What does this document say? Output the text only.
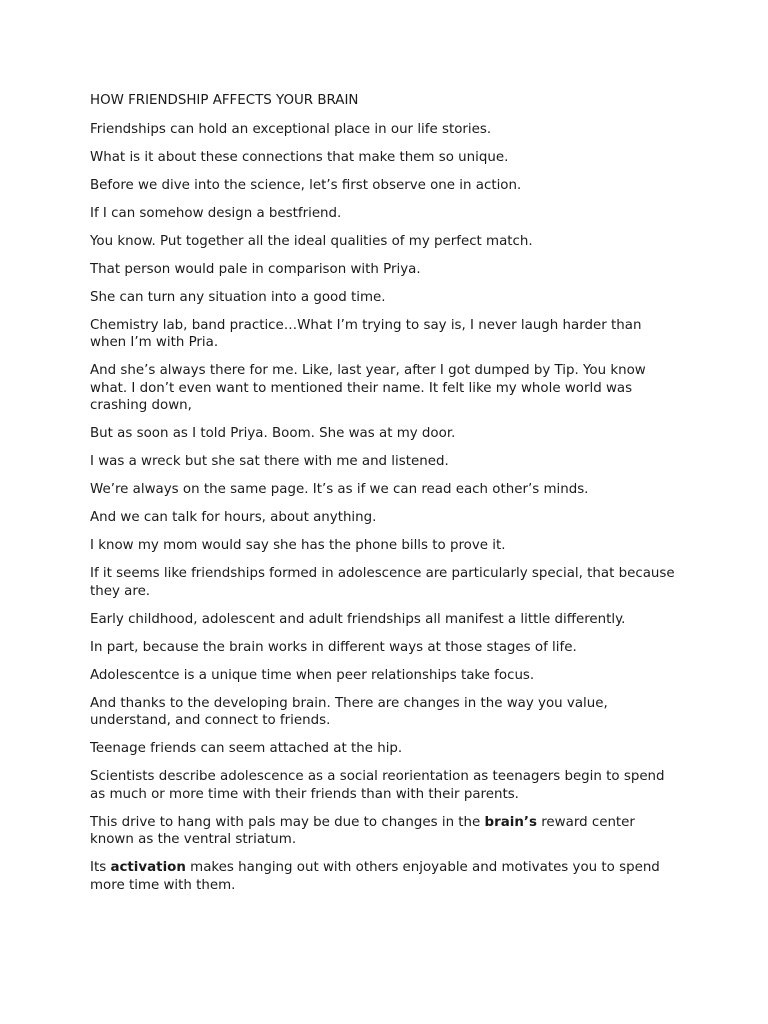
HOW FRIENDSHIP AFFECTS YOUR BRAIN

Friendships can hold an exceptional place in our life stories.

What is it about these connections that make them so unique.

Before we dive into the science, let’s first observe one in action.

If I can somehow design a bestfriend.

You know. Put together all the ideal qualities of my perfect match.

That person would pale in comparison with Priya.

She can turn any situation into a good time.

Chemistry lab, band practice…What I’m trying to say is, I never laugh harder than when I’m with Pria.

And she’s always there for me. Like, last year, after I got dumped by Tip. You know what. I don’t even want to mentioned their name. It felt like my whole world was crashing down,

But as soon as I told Priya. Boom. She was at my door.

I was a wreck but she sat there with me and listened.

We’re always on the same page. It’s as if we can read each other’s minds.

And we can talk for hours, about anything.

I know my mom would say she has the phone bills to prove it.

If it seems like friendships formed in adolescence are particularly special, that because they are.

Early childhood, adolescent and adult friendships all manifest a little differently.

In part, because the brain works in different ways at those stages of life.

Adolescentce is a unique time when peer relationships take focus.

And thanks to the developing brain. There are changes in the way you value, understand, and connect to friends.

Teenage friends can seem attached at the hip.

Scientists describe adolescence as a social reorientation as teenagers begin to spend as much or more time with their friends than with their parents.

This drive to hang with pals may be due to changes in the brain’s reward center known as the ventral striatum.

Its activation makes hanging out with others enjoyable and motivates you to spend more time with them.
